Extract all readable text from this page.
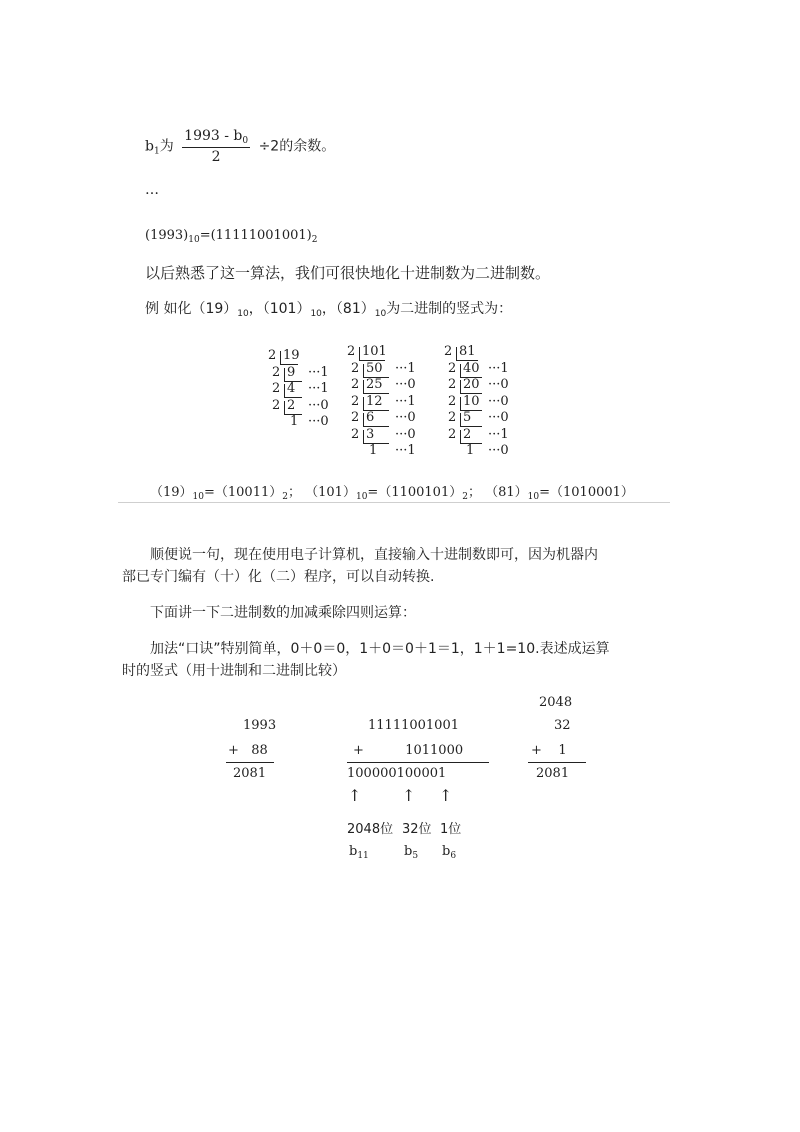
$b_1$为 $\frac{1993 - b_0}{2} \div 2$的余数。
…
$(1993)_{10}=(11111001001)_2$
以后熟悉了这一算法，我们可很快地化十进制数为二进制数。
例 如化$(19)_{10}$，$(101)_{10}$，$(81)_{10}$为二进制的竖式为：
2 19
2 9 ···1
2 4 ···1
2 2 ···0
1 ···0
2 101
2 50 ···1
2 25 ···0
2 12 ···1
2 6 ···0
2 3 ···0
1 ···1
2 81
2 40 ···1
2 20 ···0
2 10 ···0
2 5 ···0
2 2 ···1
1 ···0
$(19)_{10}=(10011)_2$； $(101)_{10}=(1100101)_2$； $(81)_{10}=(1010001)$
顺便说一句，现在使用电子计算机，直接输入十进制数即可，因为机器内
部已专门编有（十）化（二）程序，可以自动转换.
下面讲一下二进制数的加减乘除四则运算：
加法“口诀”特别简单，0＋0＝0，1＋0＝0＋1＝1，1＋1=10.表述成运算
时的竖式（用十进制和二进制比较）
1993
+   88
2081
11111001001
+          1011000
100000100001
2048
32
+    1
2081
↑	↑ ↑
2048位 32位 1位
$b_{11}$	$b_5$ $b_6$
